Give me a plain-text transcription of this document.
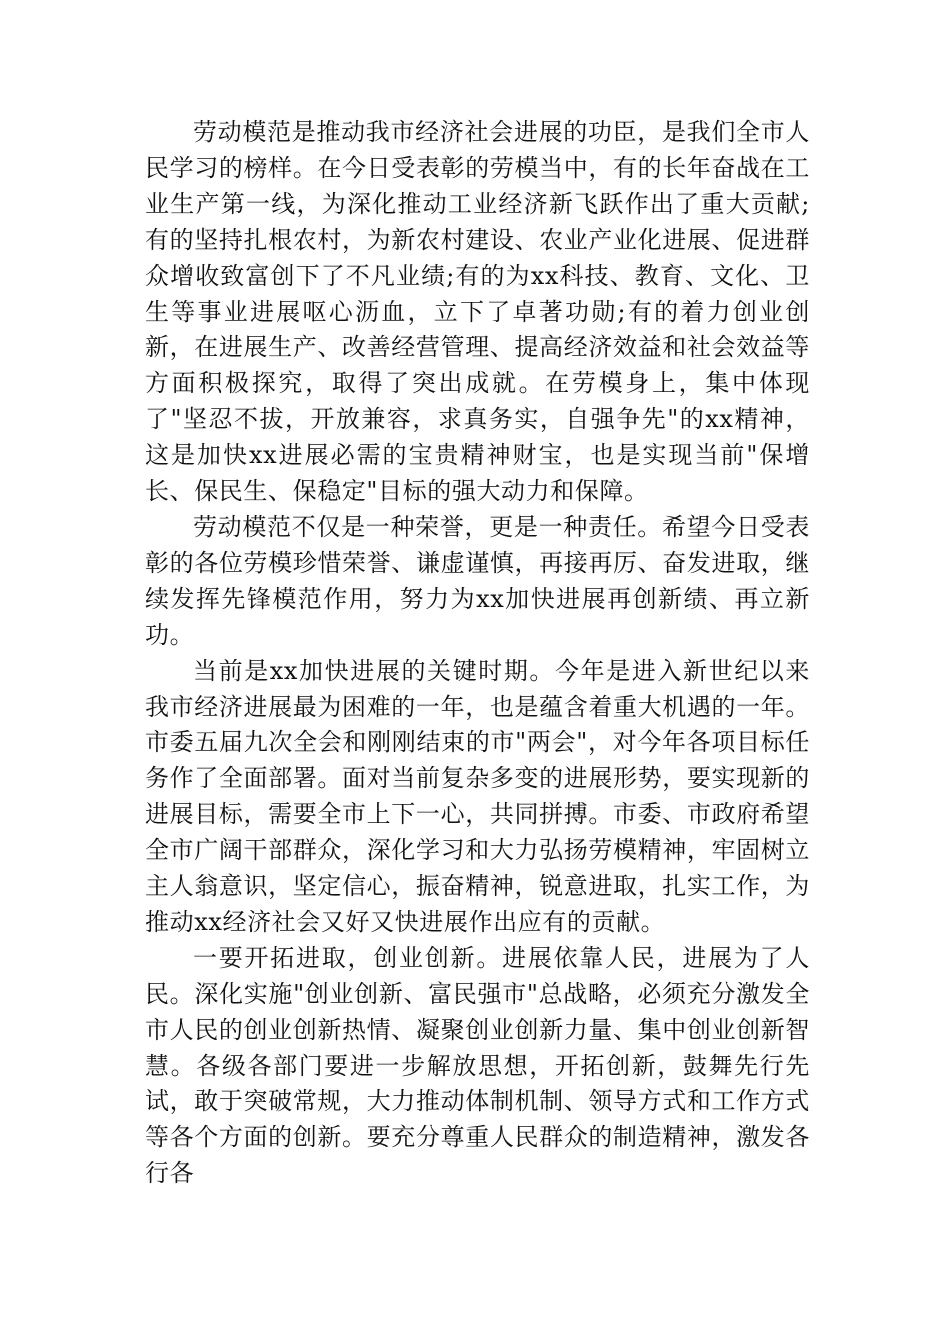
劳动模范是推动我市经济社会进展的功臣，是我们全市人民学习的榜样。在今日受表彰的劳模当中，有的长年奋战在工业生产第一线，为深化推动工业经济新飞跃作出了重大贡献;有的坚持扎根农村，为新农村建设、农业产业化进展、促进群众增收致富创下了不凡业绩;有的为xx科技、教育、文化、卫生等事业进展呕心沥血，立下了卓著功勋;有的着力创业创新，在进展生产、改善经营管理、提高经济效益和社会效益等方面积极探究，取得了突出成就。在劳模身上，集中体现了"坚忍不拔，开放兼容，求真务实，自强争先"的xx精神，这是加快xx进展必需的宝贵精神财宝，也是实现当前"保增长、保民生、保稳定"目标的强大动力和保障。

劳动模范不仅是一种荣誉，更是一种责任。希望今日受表彰的各位劳模珍惜荣誉、谦虚谨慎，再接再厉、奋发进取，继续发挥先锋模范作用，努力为xx加快进展再创新绩、再立新功。

当前是xx加快进展的关键时期。今年是进入新世纪以来我市经济进展最为困难的一年，也是蕴含着重大机遇的一年。市委五届九次全会和刚刚结束的市"两会"，对今年各项目标任务作了全面部署。面对当前复杂多变的进展形势，要实现新的进展目标，需要全市上下一心，共同拼搏。市委、市政府希望全市广阔干部群众，深化学习和大力弘扬劳模精神，牢固树立主人翁意识，坚定信心，振奋精神，锐意进取，扎实工作，为推动xx经济社会又好又快进展作出应有的贡献。

一要开拓进取，创业创新。进展依靠人民，进展为了人民。深化实施"创业创新、富民强市"总战略，必须充分激发全市人民的创业创新热情、凝聚创业创新力量、集中创业创新智慧。各级各部门要进一步解放思想，开拓创新，鼓舞先行先试，敢于突破常规，大力推动体制机制、领导方式和工作方式等各个方面的创新。要充分尊重人民群众的制造精神，激发各行各
